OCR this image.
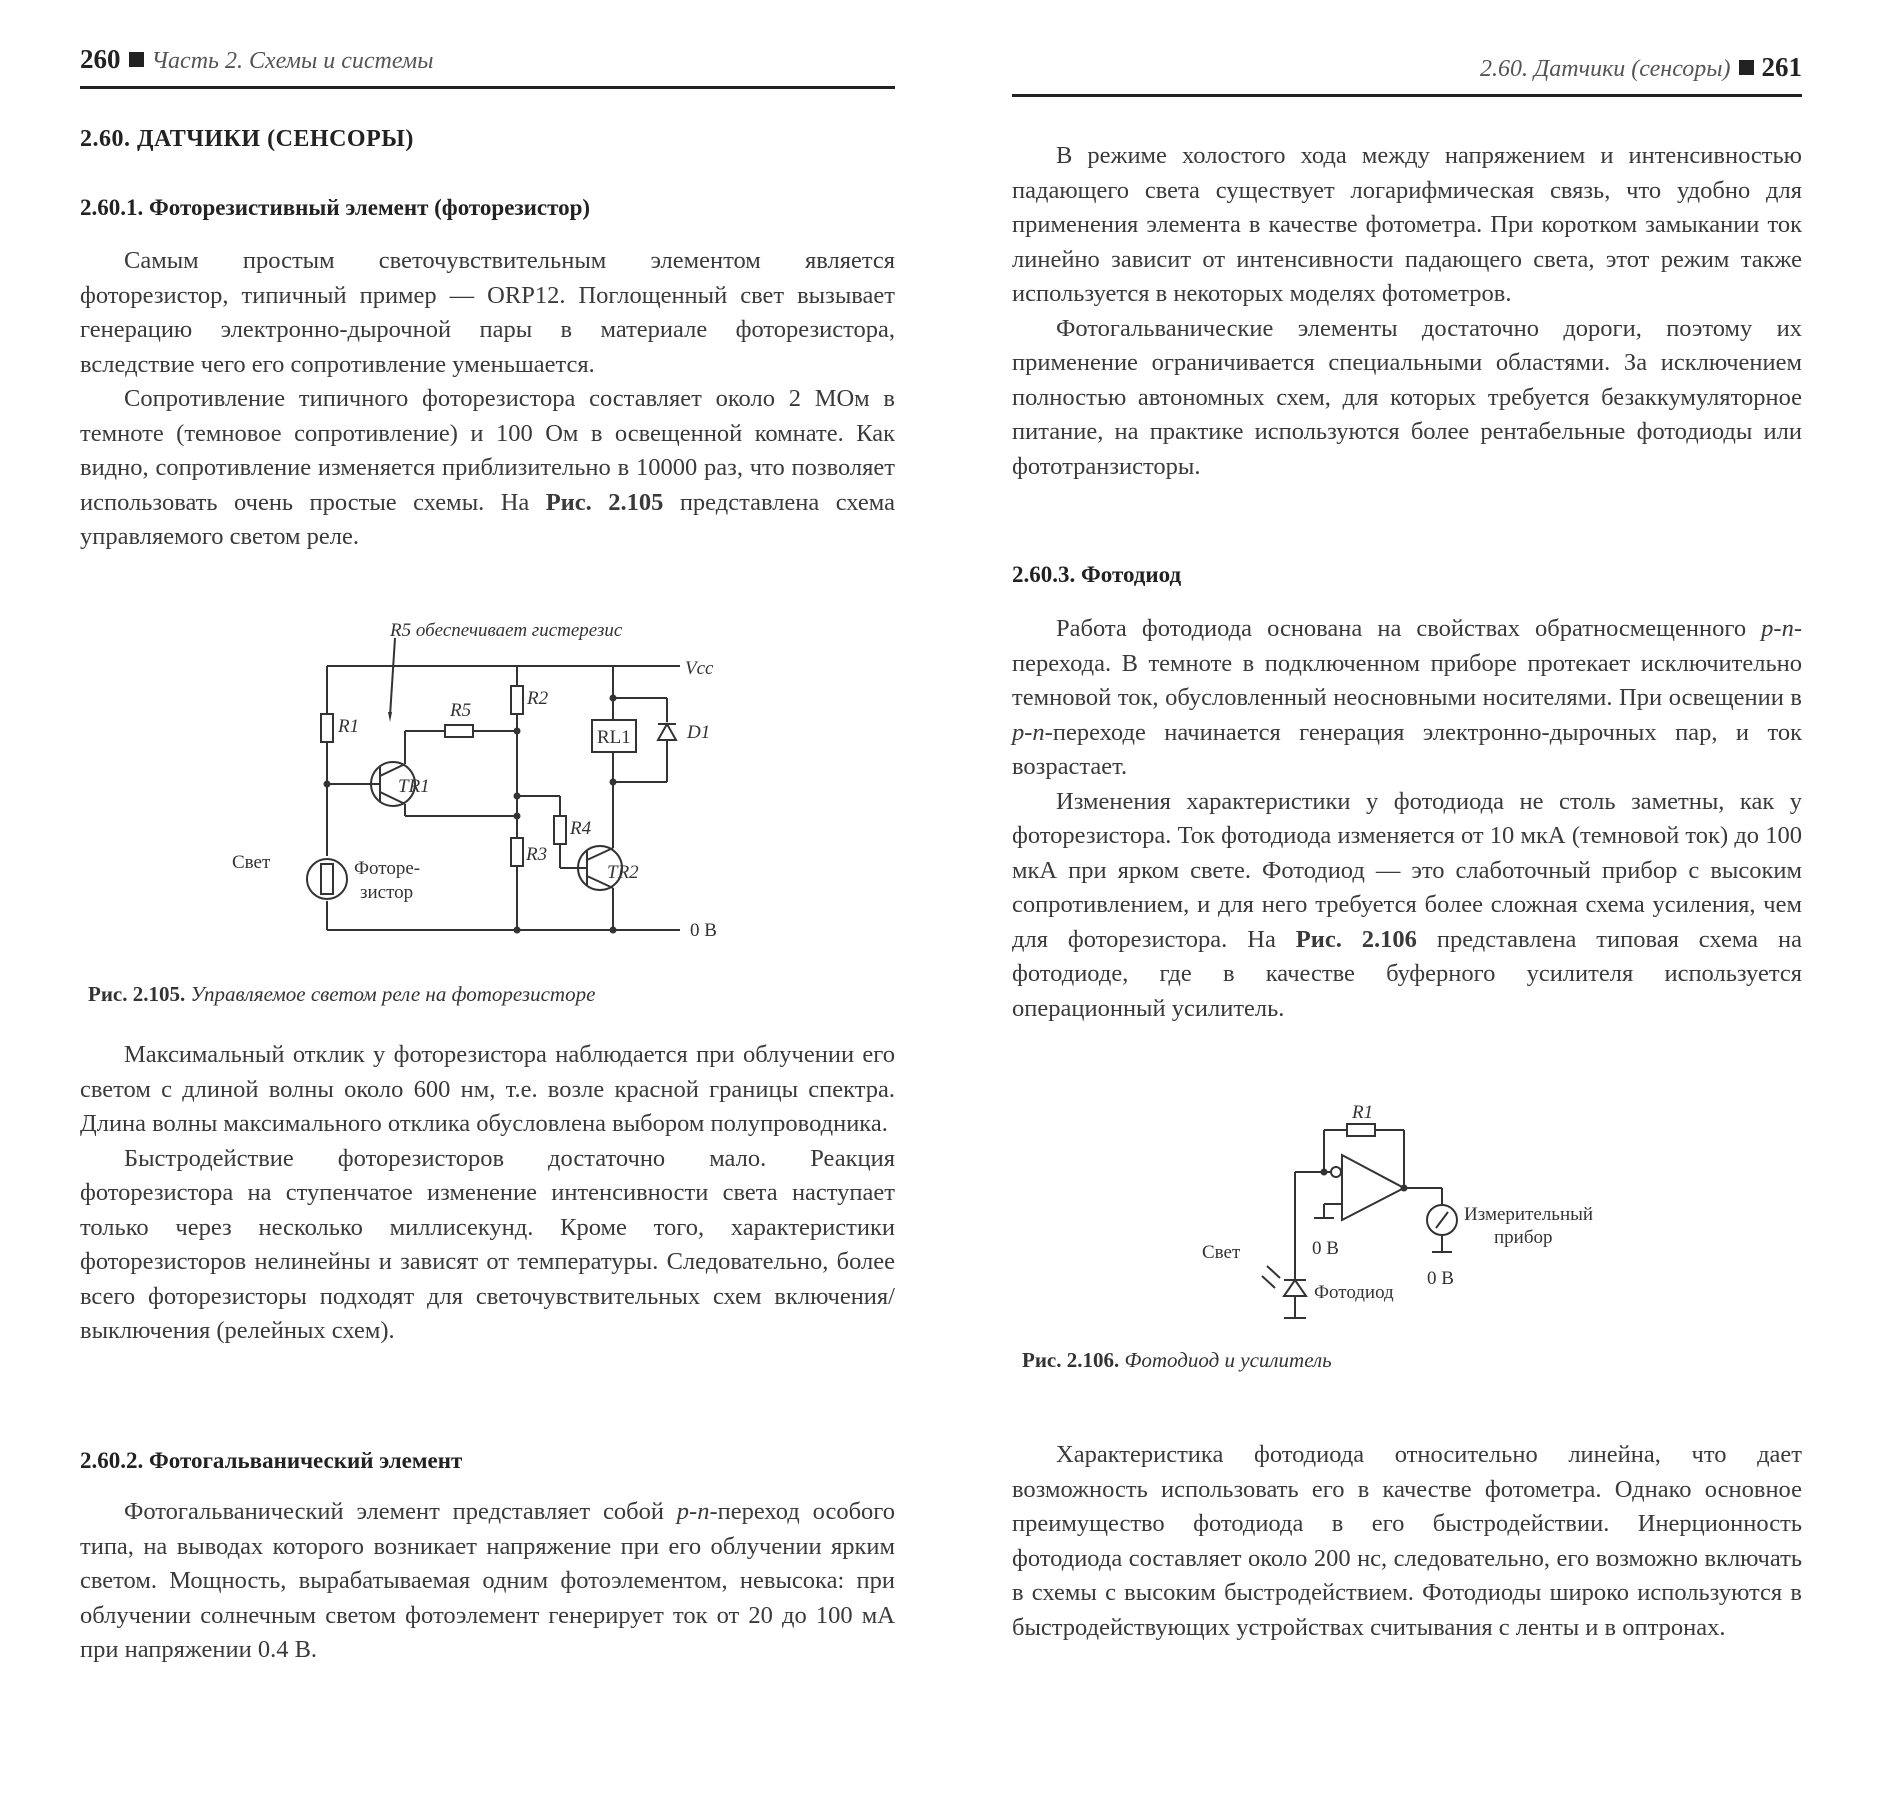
260 Часть 2. Схемы и системы
2.60. ДАТЧИКИ (СЕНСОРЫ)
2.60.1. Фоторезистивный элемент (фоторезистор)

Самым простым светочувствительным элементом является фоторезистор, типичный пример — ORP12. Поглощенный свет вызывает генерацию электронно-дырочной пары в материале фоторезистора, вследствие чего его сопротивление уменьшается.

Сопротивление типичного фоторезистора составляет около 2 МОм в темноте (темновое сопротивление) и 100 Ом в освещенной комнате. Как видно, сопротивление изменяется приблизительно в 10000 раз, что позволяет использовать очень простые схемы. На Рис. 2.105 представлена схема управляемого светом реле.

R5 обеспечивает гистерезис
Vcc
R1
R2
R3
R4
R5
TR1
TR2
RL1	D1
Свет	Фоторе-
зистор
0 В
Рис. 2.105. Управляемое светом реле на фоторезисторе

Максимальный отклик у фоторезистора наблюдается при облучении его светом с длиной волны около 600 нм, т.е. возле красной границы спектра. Длина волны максимального отклика обусловлена выбором полупроводника.

Быстродействие фоторезисторов достаточно мало. Реакция фоторезистора на ступенчатое изменение интенсивности света наступает только через несколько миллисекунд. Кроме того, характеристики фоторезисторов нелинейны и зависят от температуры. Следовательно, более всего фоторезисторы подходят для светочувствительных схем включения/выключения (релейных схем).

2.60.2. Фотогальванический элемент

Фотогальванический элемент представляет собой p-n-переход особого типа, на выводах которого возникает напряжение при его облучении ярким светом. Мощность, вырабатываемая одним фотоэлементом, невысока: при облучении солнечным светом фотоэлемент генерирует ток от 20 до 100 мА при напряжении 0.4 В.

2.60. Датчики (сенсоры) 261

В режиме холостого хода между напряжением и интенсивностью падающего света существует логарифмическая связь, что удобно для применения элемента в качестве фотометра. При коротком замыкании ток линейно зависит от интенсивности падающего света, этот режим также используется в некоторых моделях фотометров.

Фотогальванические элементы достаточно дороги, поэтому их применение ограничивается специальными областями. За исключением полностью автономных схем, для которых требуется безаккумуляторное питание, на практике используются более рентабельные фотодиоды или фототранзисторы.

2.60.3. Фотодиод

Работа фотодиода основана на свойствах обратносмещенного p-n-перехода. В темноте в подключенном приборе протекает исключительно темновой ток, обусловленный неосновными носителями. При освещении в p-n-переходе начинается генерация электронно-дырочных пар, и ток возрастает.

Изменения характеристики у фотодиода не столь заметны, как у фоторезистора. Ток фотодиода изменяется от 10 мкА (темновой ток) до 100 мкА при ярком свете. Фотодиод — это слаботочный прибор с высоким сопротивлением, и для него требуется более сложная схема усиления, чем для фоторезистора. На Рис. 2.106 представлена типовая схема на фотодиоде, где в качестве буферного усилителя используется операционный усилитель.

R1
Измерительный
прибор
Свет
Фотодиод
0 В
0 В
Рис. 2.106. Фотодиод и усилитель

Характеристика фотодиода относительно линейна, что дает возможность использовать его в качестве фотометра. Однако основное преимущество фотодиода в его быстродействии. Инерционность фотодиода составляет около 200 нс, следовательно, его возможно включать в схемы с высоким быстродействием. Фотодиоды широко используются в быстродействующих устройствах считывания с ленты и в оптронах.
